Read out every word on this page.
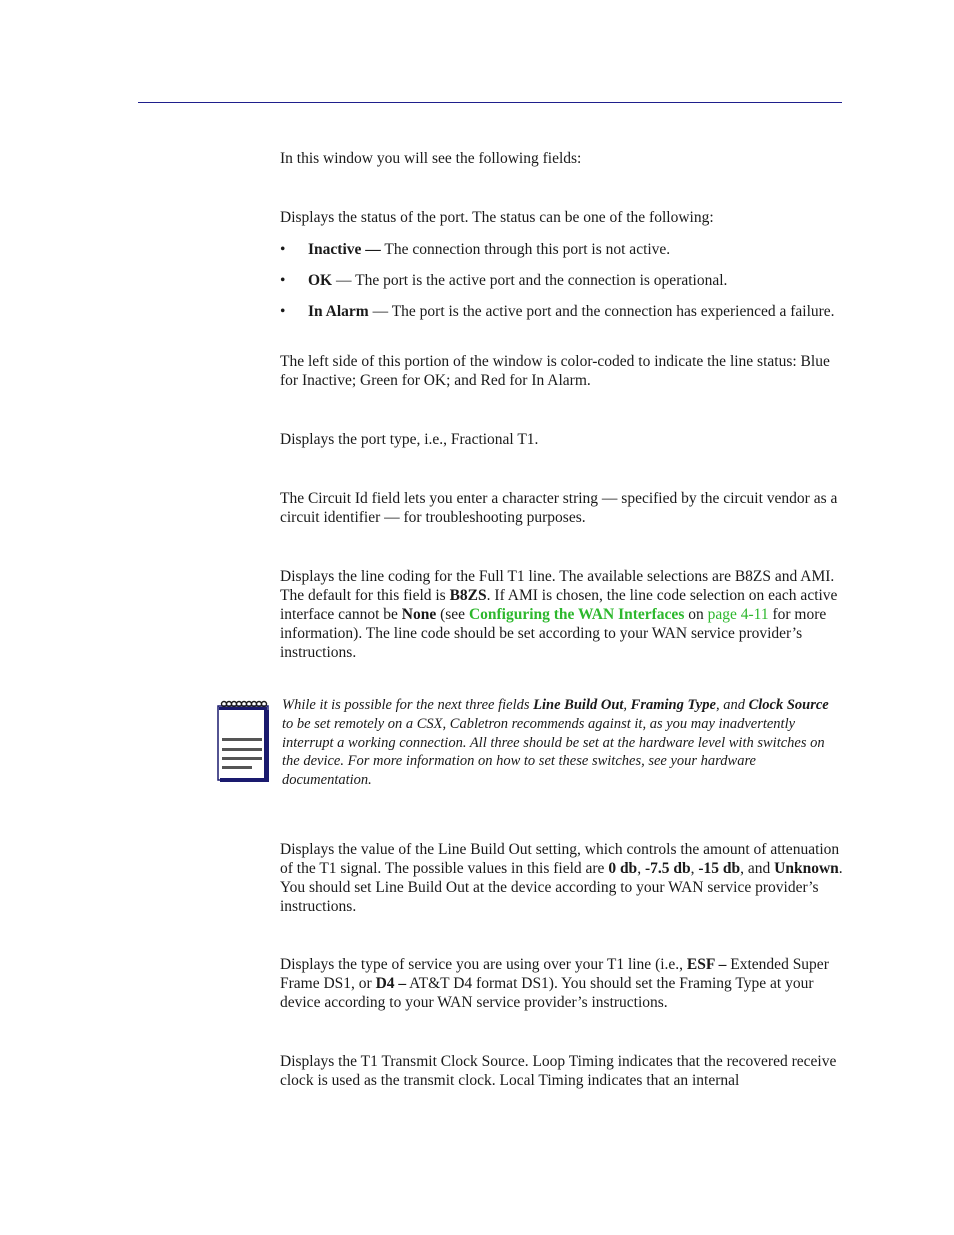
In this window you will see the following fields:

Displays the status of the port. The status can be one of the following:

• Inactive — The connection through this port is not active.
• OK — The port is the active port and the connection is operational.
• In Alarm — The port is the active port and the connection has experienced a failure.

The left side of this portion of the window is color-coded to indicate the line status: Blue for Inactive; Green for OK; and Red for In Alarm.

Displays the port type, i.e., Fractional T1.

The Circuit Id field lets you enter a character string — specified by the circuit vendor as a circuit identifier — for troubleshooting purposes.

Displays the line coding for the Full T1 line. The available selections are B8ZS and AMI. The default for this field is B8ZS. If AMI is chosen, the line code selection on each active interface cannot be None (see Configuring the WAN Interfaces on page 4-11 for more information). The line code should be set according to your WAN service provider’s instructions.

While it is possible for the next three fields Line Build Out, Framing Type, and Clock Source to be set remotely on a CSX, Cabletron recommends against it, as you may inadvertently interrupt a working connection. All three should be set at the hardware level with switches on the device. For more information on how to set these switches, see your hardware documentation.

Displays the value of the Line Build Out setting, which controls the amount of attenuation of the T1 signal. The possible values in this field are 0 db, -7.5 db, -15 db, and Unknown. You should set Line Build Out at the device according to your WAN service provider’s instructions.

Displays the type of service you are using over your T1 line (i.e., ESF – Extended Super Frame DS1, or D4 – AT&T D4 format DS1). You should set the Framing Type at your device according to your WAN service provider’s instructions.

Displays the T1 Transmit Clock Source. Loop Timing indicates that the recovered receive clock is used as the transmit clock. Local Timing indicates that an internal
